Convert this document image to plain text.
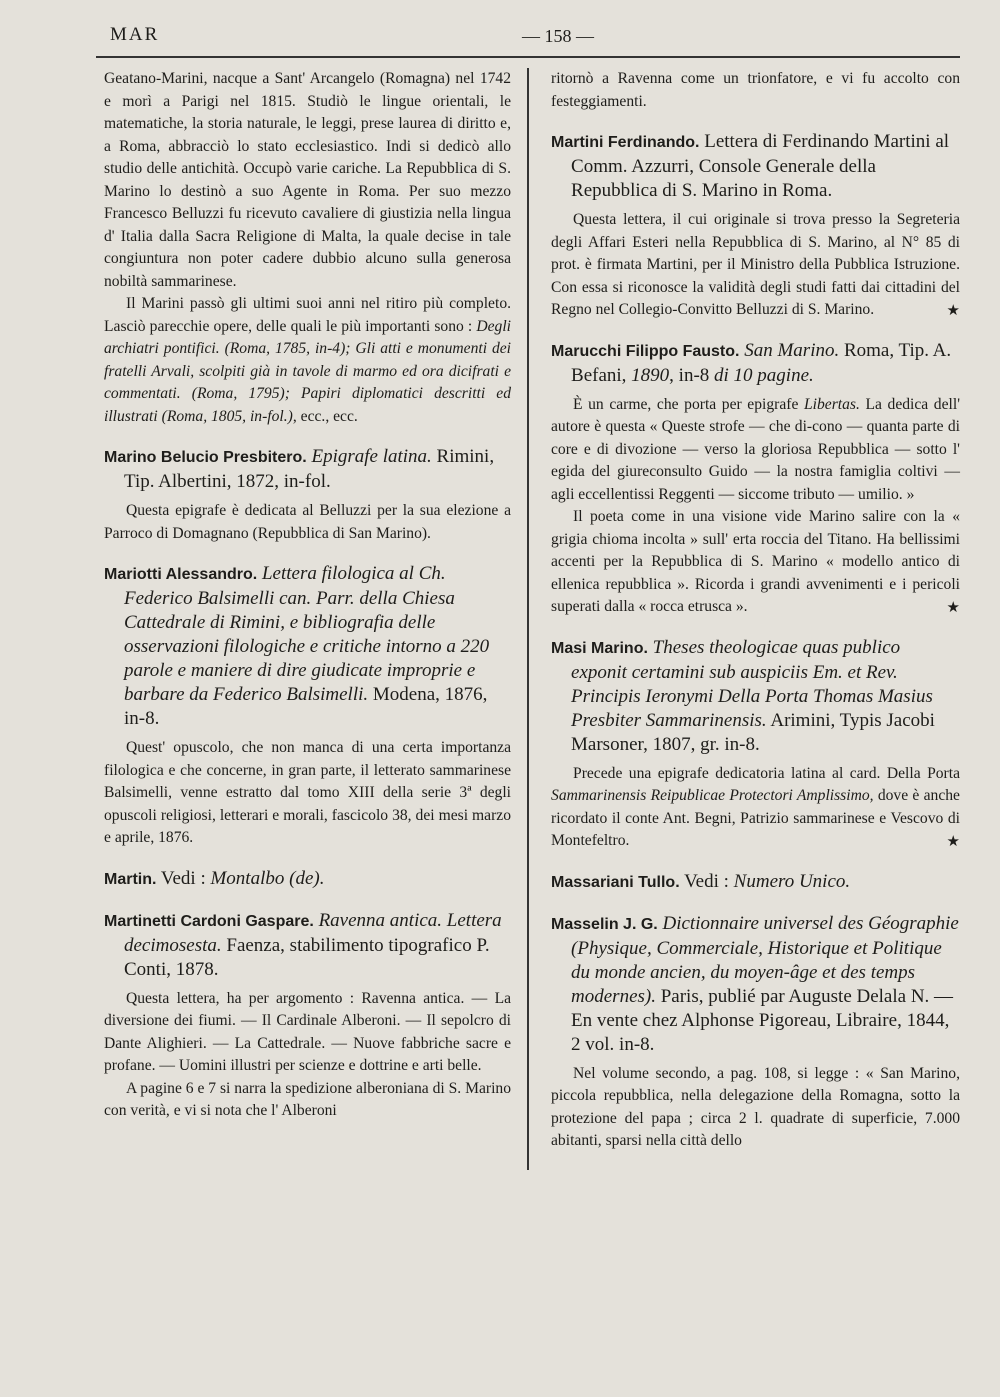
MAR	— 158 —

Geatano-Marini, nacque a Sant' Arcangelo (Romagna) nel 1742 e morì a Parigi nel 1815. Studiò le lingue orientali, le matematiche, la storia naturale, le leggi, prese laurea di diritto e, a Roma, abbracciò lo stato ecclesiastico. Indi si dedicò allo studio delle antichità. Occupò varie cariche. La Repubblica di S. Marino lo destinò a suo Agente in Roma. Per suo mezzo Francesco Belluzzi fu ricevuto cavaliere di giustizia nella lingua d' Italia dalla Sacra Religione di Malta, la quale decise in tale congiuntura non poter cadere dubbio alcuno sulla generosa nobiltà sammarinese.

Il Marini passò gli ultimi suoi anni nel ritiro più completo. Lasciò parecchie opere, delle quali le più importanti sono : Degli archiatri pontifici. (Roma, 1785, in-4); Gli atti e monumenti dei fratelli Arvali, scolpiti già in tavole di marmo ed ora dicifrati e commentati. (Roma, 1795); Papiri diplomatici descritti ed illustrati (Roma, 1805, in-fol.), ecc., ecc.

Marino Belucio Presbitero. Epigrafe latina. Rimini, Tip. Albertini, 1872, in-fol.

Questa epigrafe è dedicata al Belluzzi per la sua elezione a Parroco di Domagnano (Repubblica di San Marino).

Mariotti Alessandro. Lettera filologica al Ch. Federico Balsimelli can. Parr. della Chiesa Cattedrale di Rimini, e bibliografia delle osservazioni filologiche e critiche intorno a 220 parole e maniere di dire giudicate improprie e barbare da Federico Balsimelli. Modena, 1876, in-8.

Quest' opuscolo, che non manca di una certa importanza filologica e che concerne, in gran parte, il letterato sammarinese Balsimelli, venne estratto dal tomo XIII della serie 3ª degli opuscoli religiosi, letterari e morali, fascicolo 38, dei mesi marzo e aprile, 1876.

Martin. Vedi : Montalbo (de).

Martinetti Cardoni Gaspare. Ravenna antica. Lettera decimosesta. Faenza, stabilimento tipografico P. Conti, 1878.

Questa lettera, ha per argomento : Ravenna antica. — La diversione dei fiumi. — Il Cardinale Alberoni. — Il sepolcro di Dante Alighieri. — La Cattedrale. — Nuove fabbriche sacre e profane. — Uomini illustri per scienze e dottrine e arti belle.

A pagine 6 e 7 si narra la spedizione alberoniana di S. Marino con verità, e vi si nota che l' Alberoni

ritornò a Ravenna come un trionfatore, e vi fu accolto con festeggiamenti.

Martini Ferdinando. Lettera di Ferdinando Martini al Comm. Azzurri, Console Generale della Repubblica di S. Marino in Roma.

Questa lettera, il cui originale si trova presso la Segreteria degli Affari Esteri nella Repubblica di S. Marino, al N° 85 di prot. è firmata Martini, per il Ministro della Pubblica Istruzione. Con essa si riconosce la validità degli studi fatti dai cittadini del Regno nel Collegio-Convitto Belluzzi di S. Marino.	★

Marucchi Filippo Fausto. San Marino. Roma, Tip. A. Befani, 1890, in-8 di 10 pagine.

È un carme, che porta per epigrafe Libertas. La dedica dell' autore è questa « Queste strofe — che di-cono — quanta parte di core e di divozione — verso la gloriosa Repubblica — sotto l' egida del giureconsulto Guido — la nostra famiglia coltivi — agli eccellentissi Reggenti — siccome tributo — umilio. »

Il poeta come in una visione vide Marino salire con la « grigia chioma incolta » sull' erta roccia del Titano. Ha bellissimi accenti per la Repubblica di S. Marino « modello antico di ellenica repubblica ». Ricorda i grandi avvenimenti e i pericoli superati dalla « rocca etrusca ».	★

Masi Marino. Theses theologicae quas publico exponit certamini sub auspiciis Em. et Rev. Principis Ieronymi Della Porta Thomas Masius Presbiter Sammarinensis. Arimini, Typis Jacobi Marsoner, 1807, gr. in-8.

Precede una epigrafe dedicatoria latina al card. Della Porta Sammarinensis Reipublicae Protectori Amplissimo, dove è anche ricordato il conte Ant. Begni, Patrizio sammarinese e Vescovo di Montefeltro.	★

Massariani Tullo. Vedi : Numero Unico.

Masselin J. G. Dictionnaire universel des Géographie (Physique, Commerciale, Historique et Politique du monde ancien, du moyen-âge et des temps modernes). Paris, publié par Auguste Delala N. — En vente chez Alphonse Pigoreau, Libraire, 1844, 2 vol. in-8.

Nel volume secondo, a pag. 108, si legge : « San Marino, piccola repubblica, nella delegazione della Romagna, sotto la protezione del papa ; circa 2 l. quadrate di superficie, 7.000 abitanti, sparsi nella città dello
